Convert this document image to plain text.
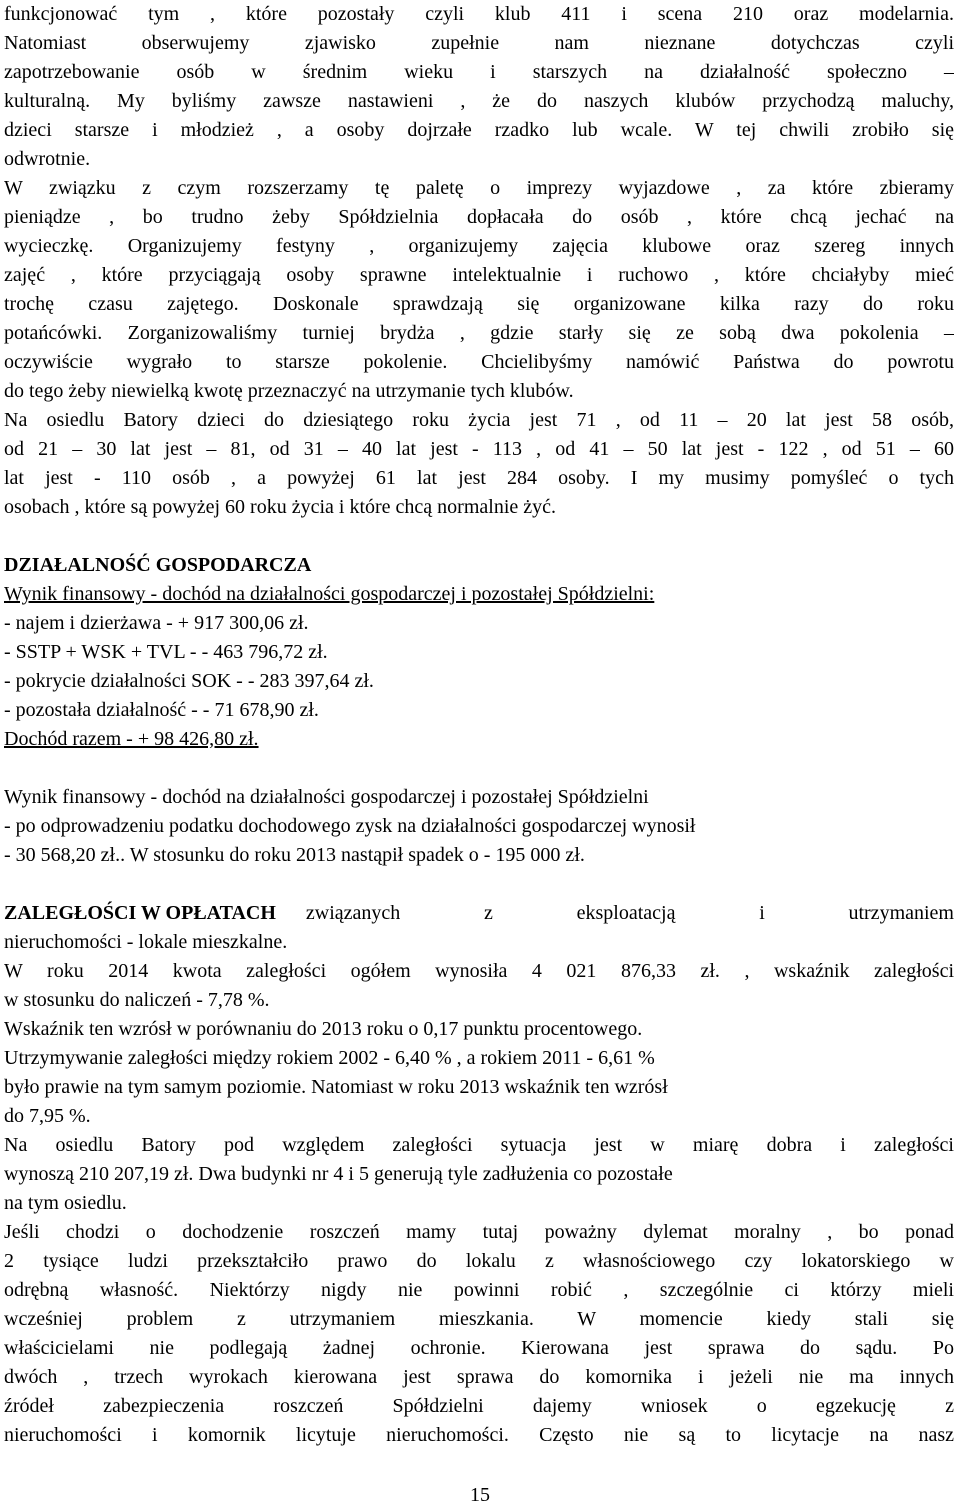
funkcjonować tym , które pozostały czyli klub 411 i scena 210 oraz modelarnia.
Natomiast obserwujemy zjawisko zupełnie nam nieznane dotychczas czyli
zapotrzebowanie osób w średnim wieku i starszych na działalność społeczno –
kulturalną. My byliśmy zawsze nastawieni , że do naszych klubów przychodzą maluchy,
dzieci starsze i młodzież , a osoby dojrzałe rzadko lub wcale. W tej chwili zrobiło się
odwrotnie.
W związku z czym rozszerzamy tę paletę o imprezy wyjazdowe , za które zbieramy
pieniądze , bo trudno żeby Spółdzielnia dopłacała do osób , które chcą jechać na
wycieczkę. Organizujemy festyny , organizujemy zajęcia klubowe oraz szereg innych
zajęć , które przyciągają osoby sprawne intelektualnie i ruchowo , które chciałyby mieć
trochę czasu zajętego. Doskonale sprawdzają się organizowane kilka razy do roku
potańcówki. Zorganizowaliśmy turniej brydża , gdzie starły się ze sobą dwa pokolenia –
oczywiście wygrało to starsze pokolenie. Chcielibyśmy namówić Państwa do powrotu
do tego żeby niewielką kwotę przeznaczyć na utrzymanie tych klubów.
Na osiedlu Batory dzieci do dziesiątego roku życia jest 71 , od 11 – 20 lat jest 58 osób,
od 21 – 30 lat jest – 81, od 31 – 40 lat jest - 113 , od 41 – 50 lat jest - 122 , od 51 – 60
lat jest - 110 osób , a powyżej 61 lat jest 284 osoby. I my musimy pomyśleć o tych
osobach , które są powyżej 60 roku życia i które chcą normalnie żyć.
DZIAŁALNOŚĆ GOSPODARCZA
Wynik finansowy - dochód na działalności gospodarczej i pozostałej Spółdzielni:
- najem i dzierżawa - + 917 300,06 zł.
- SSTP + WSK + TVL - - 463 796,72 zł.
- pokrycie działalności SOK - - 283 397,64 zł.
- pozostała działalność - - 71 678,90 zł.
Dochód razem - + 98 426,80 zł.
Wynik finansowy - dochód na działalności gospodarczej i pozostałej Spółdzielni
- po odprowadzeniu podatku dochodowego zysk na działalności gospodarczej wynosił
- 30 568,20 zł.. W stosunku do roku 2013 nastąpił spadek o - 195 000 zł.
ZALEGŁOŚCI W OPŁATACH związanych z eksploatacją i utrzymaniem
nieruchomości - lokale mieszkalne.
W roku 2014 kwota zaległości ogółem wynosiła 4 021 876,33 zł. , wskaźnik zaległości
w stosunku do naliczeń - 7,78 %.
Wskaźnik ten wzrósł w porównaniu do 2013 roku o 0,17 punktu procentowego.
Utrzymywanie zaległości między rokiem 2002 - 6,40 % , a rokiem 2011 - 6,61 %
było prawie na tym samym poziomie. Natomiast w roku 2013 wskaźnik ten wzrósł
do 7,95 %.
Na osiedlu Batory pod względem zaległości sytuacja jest w miarę dobra i zaległości
wynoszą 210 207,19 zł. Dwa budynki nr 4 i 5 generują tyle zadłużenia co pozostałe
na tym osiedlu.
Jeśli chodzi o dochodzenie roszczeń mamy tutaj poważny dylemat moralny , bo ponad
2 tysiące ludzi przekształciło prawo do lokalu z własnościowego czy lokatorskiego w
odrębną własność. Niektórzy nigdy nie powinni robić , szczególnie ci którzy mieli
wcześniej problem z utrzymaniem mieszkania. W momencie kiedy stali się
właścicielami nie podlegają żadnej ochronie. Kierowana jest sprawa do sądu. Po
dwóch , trzech wyrokach kierowana jest sprawa do komornika i jeżeli nie ma innych
źródeł zabezpieczenia roszczeń Spółdzielni dajemy wniosek o egzekucję z
nieruchomości i komornik licytuje nieruchomości. Często nie są to licytacje na nasz
15
